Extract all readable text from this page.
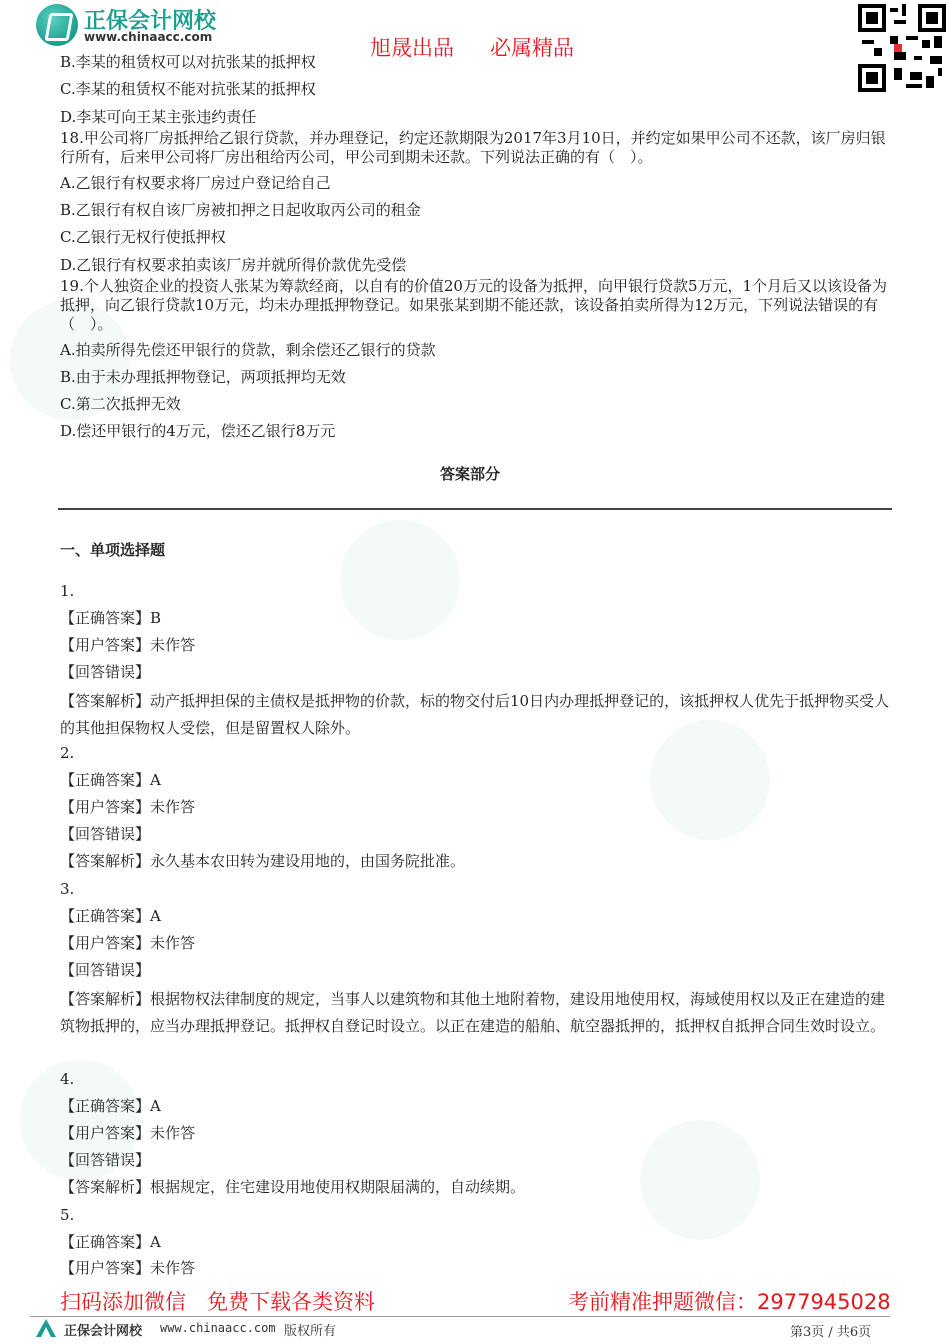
正保会计网校
www.chinaacc.com	旭晟出品 必属精品
B.李某的租赁权可以对抗张某的抵押权
C.李某的租赁权不能对抗张某的抵押权
D.李某可向王某主张违约责任
18.甲公司将厂房抵押给乙银行贷款，并办理登记，约定还款期限为2017年3月10日，并约定如果甲公司不还款，该厂房归银行所有，后来甲公司将厂房出租给丙公司，甲公司到期未还款。下列说法正确的有（　）。
A.乙银行有权要求将厂房过户登记给自己
B.乙银行有权自该厂房被扣押之日起收取丙公司的租金
C.乙银行无权行使抵押权
D.乙银行有权要求拍卖该厂房并就所得价款优先受偿
19.个人独资企业的投资人张某为筹款经商，以自有的价值20万元的设备为抵押，向甲银行贷款5万元，1个月后又以该设备为抵押，向乙银行贷款10万元，均未办理抵押物登记。如果张某到期不能还款，该设备拍卖所得为12万元，下列说法错误的有（　）。
A.拍卖所得先偿还甲银行的贷款，剩余偿还乙银行的贷款
B.由于未办理抵押物登记，两项抵押均无效
C.第二次抵押无效
D.偿还甲银行的4万元，偿还乙银行8万元
答案部分
一、单项选择题
1.
【正确答案】B
【用户答案】未作答
【回答错误】
【答案解析】动产抵押担保的主债权是抵押物的价款，标的物交付后10日内办理抵押登记的，该抵押权人优先于抵押物买受人的其他担保物权人受偿，但是留置权人除外。
2.
【正确答案】A
【用户答案】未作答
【回答错误】
【答案解析】永久基本农田转为建设用地的，由国务院批准。
3.
【正确答案】A
【用户答案】未作答
【回答错误】
【答案解析】根据物权法律制度的规定，当事人以建筑物和其他土地附着物，建设用地使用权，海域使用权以及正在建造的建筑物抵押的，应当办理抵押登记。抵押权自登记时设立。以正在建造的船舶、航空器抵押的，抵押权自抵押合同生效时设立。
4.
【正确答案】A
【用户答案】未作答
【回答错误】
【答案解析】根据规定，住宅建设用地使用权期限届满的，自动续期。
5.
【正确答案】A
【用户答案】未作答
扫码添加微信　免费下载各类资料	考前精准押题微信：2977945028
正保会计网校 www.chinaacc.com 版权所有	第3页 / 共6页
